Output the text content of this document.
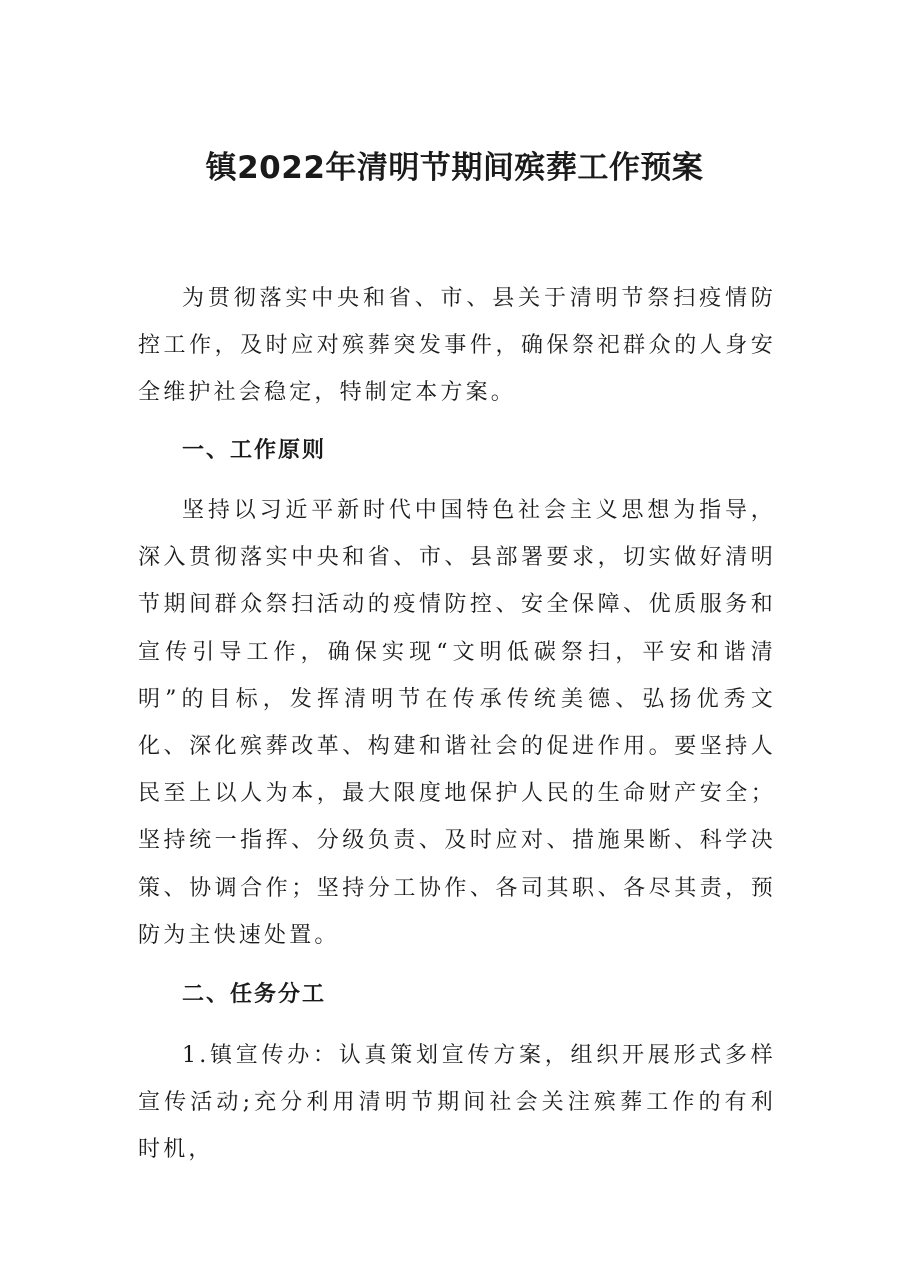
镇2022年清明节期间殡葬工作预案

为贯彻落实中央和省、市、县关于清明节祭扫疫情防控工作，及时应对殡葬突发事件，确保祭祀群众的人身安全维护社会稳定，特制定本方案。

一、工作原则

坚持以习近平新时代中国特色社会主义思想为指导，深入贯彻落实中央和省、市、县部署要求，切实做好清明节期间群众祭扫活动的疫情防控、安全保障、优质服务和宣传引导工作，确保实现“文明低碳祭扫，平安和谐清明”的目标，发挥清明节在传承传统美德、弘扬优秀文化、深化殡葬改革、构建和谐社会的促进作用。要坚持人民至上以人为本，最大限度地保护人民的生命财产安全；坚持统一指挥、分级负责、及时应对、措施果断、科学决策、协调合作；坚持分工协作、各司其职、各尽其责，预防为主快速处置。

二、任务分工

1.镇宣传办：认真策划宣传方案，组织开展形式多样宣传活动;充分利用清明节期间社会关注殡葬工作的有利时机，
